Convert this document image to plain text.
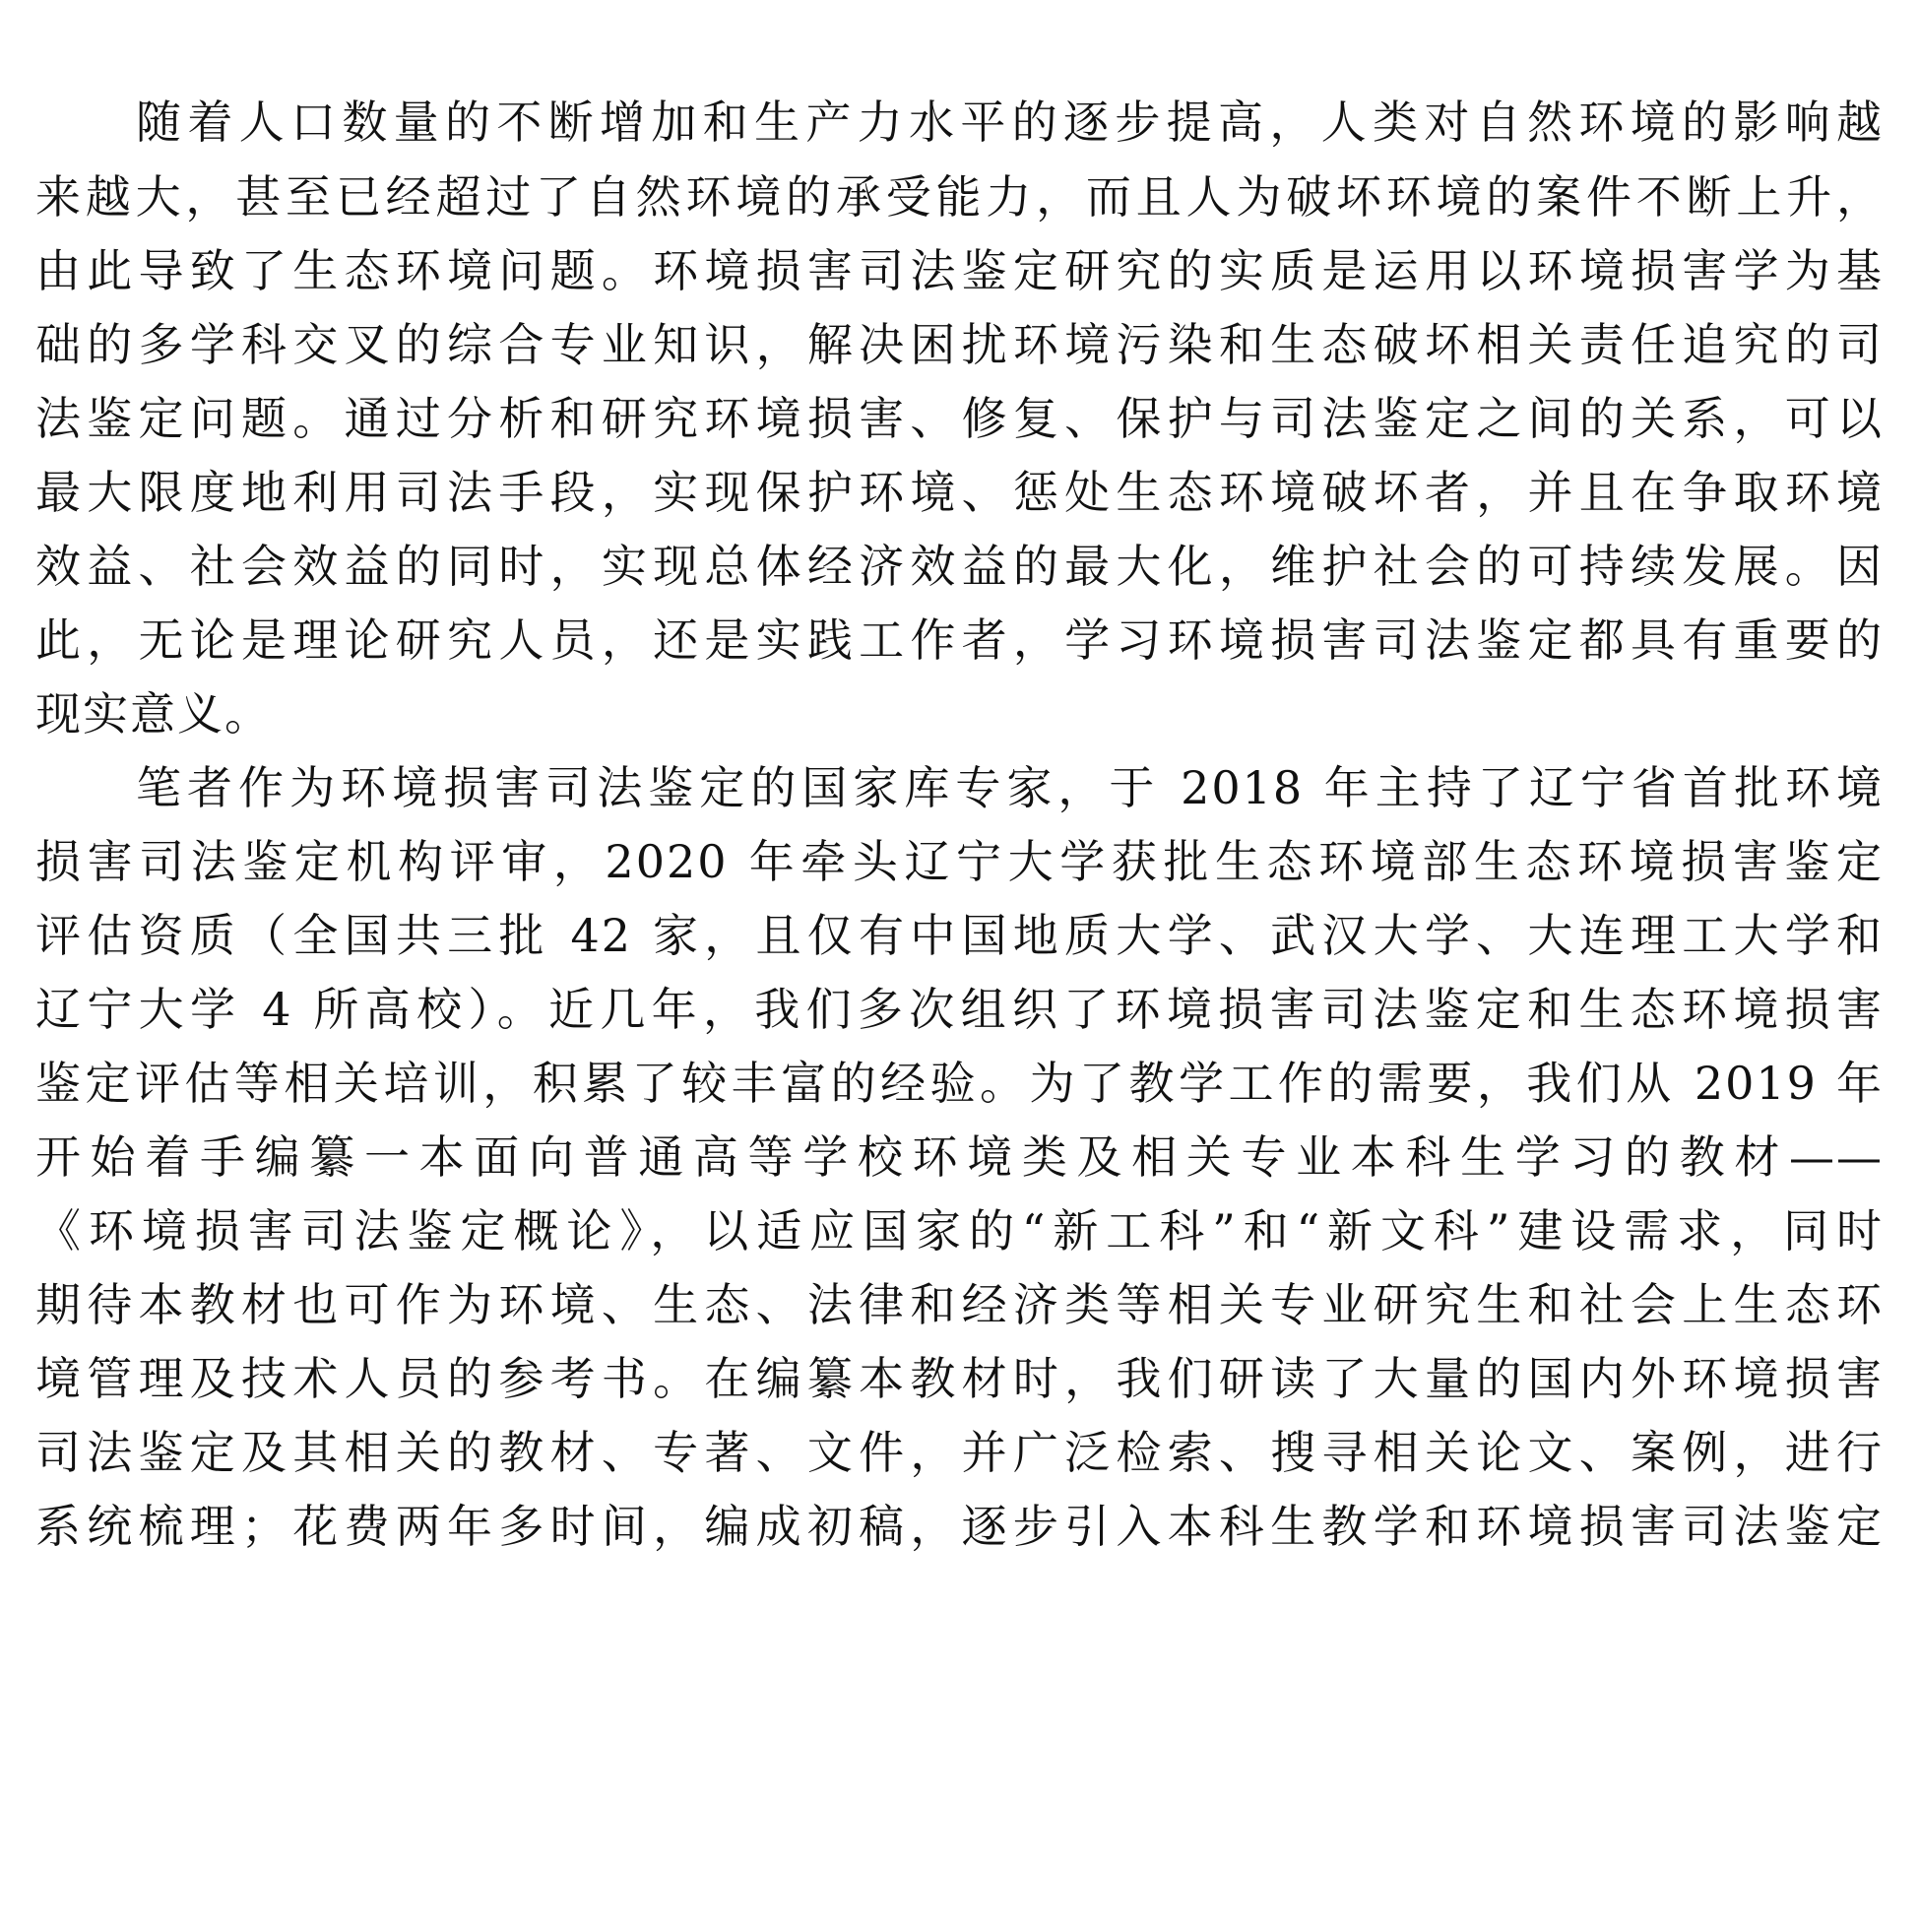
随着人口数量的不断增加和生产力水平的逐步提高，人类对自然环境的影响越
来越大，甚至已经超过了自然环境的承受能力，而且人为破坏环境的案件不断上升，
由此导致了生态环境问题。环境损害司法鉴定研究的实质是运用以环境损害学为基
础的多学科交叉的综合专业知识，解决困扰环境污染和生态破坏相关责任追究的司
法鉴定问题。通过分析和研究环境损害、修复、保护与司法鉴定之间的关系，可以
最大限度地利用司法手段，实现保护环境、惩处生态环境破坏者，并且在争取环境
效益、社会效益的同时，实现总体经济效益的最大化，维护社会的可持续发展。因
此，无论是理论研究人员，还是实践工作者，学习环境损害司法鉴定都具有重要的
现实意义。
笔者作为环境损害司法鉴定的国家库专家，于 2018 年主持了辽宁省首批环境
损害司法鉴定机构评审，2020 年牵头辽宁大学获批生态环境部生态环境损害鉴定
评估资质（全国共三批 42 家，且仅有中国地质大学、武汉大学、大连理工大学和
辽宁大学 4 所高校）。近几年，我们多次组织了环境损害司法鉴定和生态环境损害
鉴定评估等相关培训，积累了较丰富的经验。为了教学工作的需要，我们从 2019 年
开始着手编纂一本面向普通高等学校环境类及相关专业本科生学习的教材——
《环境损害司法鉴定概论》，以适应国家的“新工科”和“新文科”建设需求，同时
期待本教材也可作为环境、生态、法律和经济类等相关专业研究生和社会上生态环
境管理及技术人员的参考书。在编纂本教材时，我们研读了大量的国内外环境损害
司法鉴定及其相关的教材、专著、文件，并广泛检索、搜寻相关论文、案例，进行
系统梳理；花费两年多时间，编成初稿，逐步引入本科生教学和环境损害司法鉴定
